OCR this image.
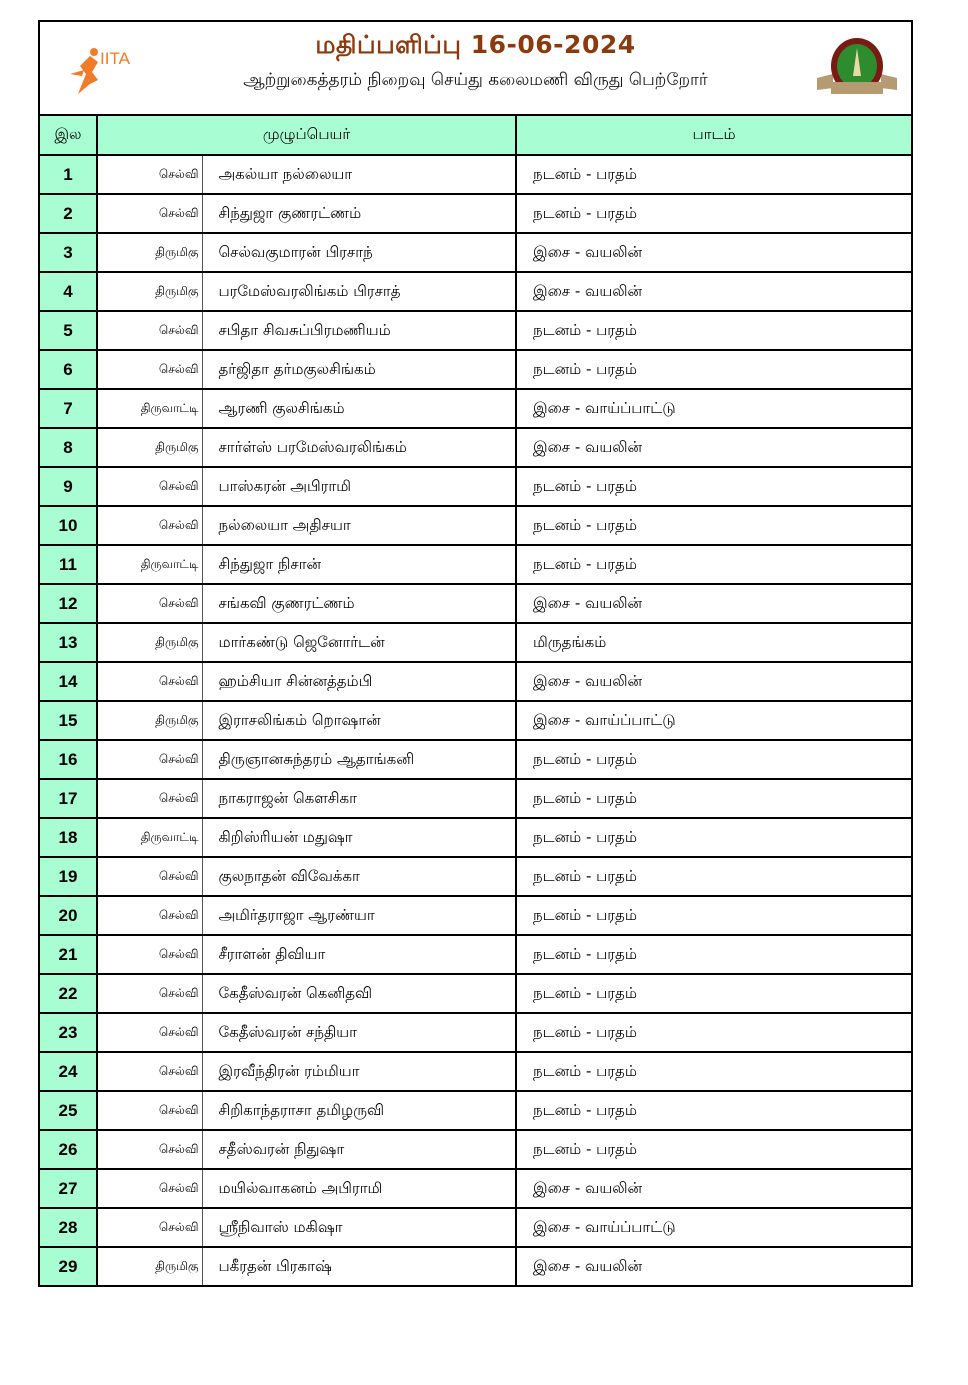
IITA	மதிப்பளிப்பு 16-06-2024
ஆற்றுகைத்தரம் நிறைவு செய்து கலைமணி விருது பெற்றோர்
இல	முழுப்பெயர்		பாடம்
1	செல்வி	அகல்யா நல்லையா	நடனம் - பரதம்
2	செல்வி	சிந்துஜா குணரட்ணம்	நடனம் - பரதம்
3	திருமிகு	செல்வகுமாரன் பிரசாந்	இசை - வயலின்
4	திருமிகு	பரமேஸ்வரலிங்கம் பிரசாத்	இசை - வயலின்
5	செல்வி	சபிதா சிவசுப்பிரமணியம்	நடனம் - பரதம்
6	செல்வி	தர்ஜிதா தர்மகுலசிங்கம்	நடனம் - பரதம்
7	திருவாட்டி	ஆரணி குலசிங்கம்	இசை - வாய்ப்பாட்டு
8	திருமிகு	சார்ள்ஸ் பரமேஸ்வரலிங்கம்	இசை - வயலின்
9	செல்வி	பாஸ்கரன் அபிராமி	நடனம் - பரதம்
10	செல்வி	நல்லையா அதிசயா	நடனம் - பரதம்
11	திருவாட்டி	சிந்துஜா நிசான்	நடனம் - பரதம்
12	செல்வி	சங்கவி குணரட்ணம்	இசை - வயலின்
13	திருமிகு	மார்கண்டு ஜெனோர்டன்	மிருதங்கம்
14	செல்வி	ஹம்சியா சின்னத்தம்பி	இசை - வயலின்
15	திருமிகு	இராசலிங்கம் றொஷான்	இசை - வாய்ப்பாட்டு
16	செல்வி	திருஞானசுந்தரம் ஆதாங்கனி	நடனம் - பரதம்
17	செல்வி	நாகராஜன் கௌசிகா	நடனம் - பரதம்
18	திருவாட்டி	கிறிஸ்ரியன் மதுஷா	நடனம் - பரதம்
19	செல்வி	குலநாதன் விவேக்கா	நடனம் - பரதம்
20	செல்வி	அமிர்தராஜா ஆரண்யா	நடனம் - பரதம்
21	செல்வி	சீராளன் திவியா	நடனம் - பரதம்
22	செல்வி	கேதீஸ்வரன் கெனிதவி	நடனம் - பரதம்
23	செல்வி	கேதீஸ்வரன் சந்தியா	நடனம் - பரதம்
24	செல்வி	இரவீந்திரன் ரம்மியா	நடனம் - பரதம்
25	செல்வி	சிறிகாந்தராசா தமிழருவி	நடனம் - பரதம்
26	செல்வி	சதீஸ்வரன் நிதுஷா	நடனம் - பரதம்
27	செல்வி	மயில்வாகனம் அபிராமி	இசை - வயலின்
28	செல்வி	ஸ்ரீநிவாஸ் மகிஷா	இசை - வாய்ப்பாட்டு
29	திருமிகு	பகீரதன் பிரகாஷ்	இசை - வயலின்
